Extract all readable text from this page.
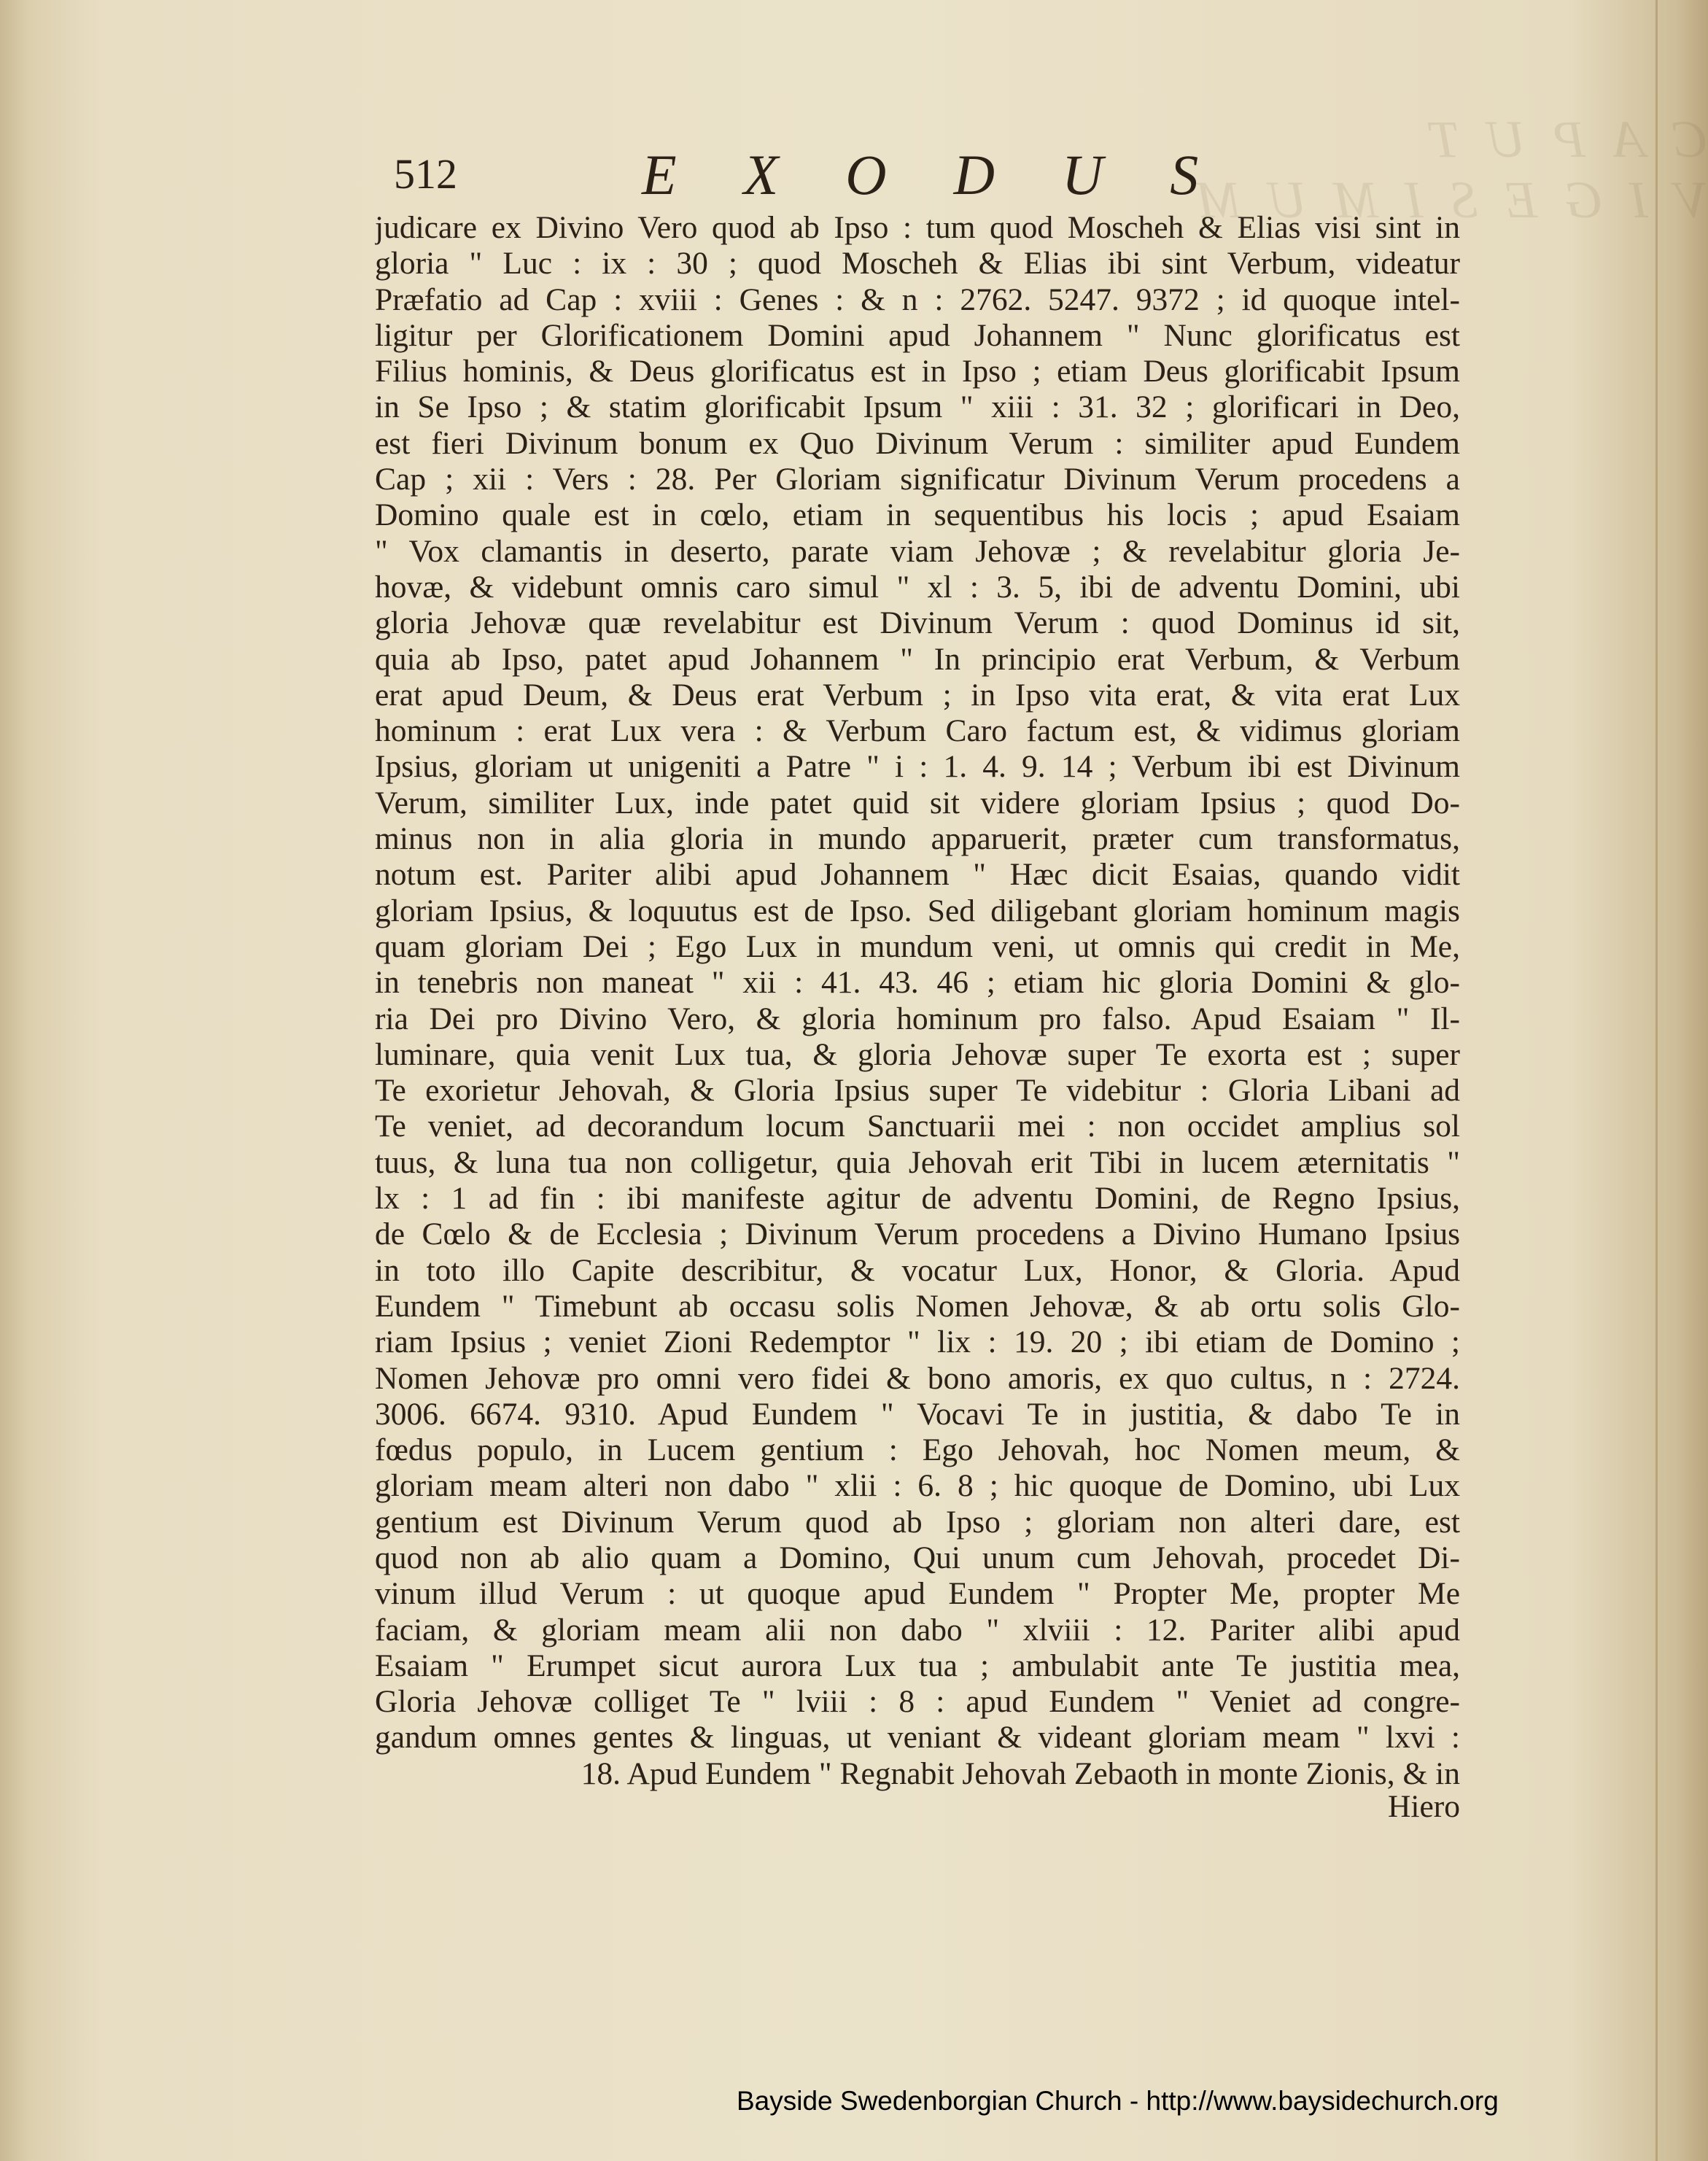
CAPUT VIGESIMUM
512	EXODUS
judicare ex Divino Vero quod ab Ipso : tum quod Moscheh & Elias visi sint in
gloria " Luc : ix : 30 ; quod Moscheh & Elias ibi sint Verbum, videatur
Præfatio ad Cap : xviii : Genes : & n : 2762. 5247. 9372 ; id quoque intel-
ligitur per Glorificationem Domini apud Johannem " Nunc glorificatus est
Filius hominis, & Deus glorificatus est in Ipso ; etiam Deus glorificabit Ipsum
in Se Ipso ; & statim glorificabit Ipsum " xiii : 31. 32 ; glorificari in Deo,
est fieri Divinum bonum ex Quo Divinum Verum : similiter apud Eundem
Cap ; xii : Vers : 28. Per Gloriam significatur Divinum Verum procedens a
Domino quale est in cœlo, etiam in sequentibus his locis ; apud Esaiam
" Vox clamantis in deserto, parate viam Jehovæ ; & revelabitur gloria Je-
hovæ, & videbunt omnis caro simul " xl : 3. 5, ibi de adventu Domini, ubi
gloria Jehovæ quæ revelabitur est Divinum Verum : quod Dominus id sit,
quia ab Ipso, patet apud Johannem " In principio erat Verbum, & Verbum
erat apud Deum, & Deus erat Verbum ; in Ipso vita erat, & vita erat Lux
hominum : erat Lux vera : & Verbum Caro factum est, & vidimus gloriam
Ipsius, gloriam ut unigeniti a Patre " i : 1. 4. 9. 14 ; Verbum ibi est Divinum
Verum, similiter Lux, inde patet quid sit videre gloriam Ipsius ; quod Do-
minus non in alia gloria in mundo apparuerit, præter cum transformatus,
notum est. Pariter alibi apud Johannem " Hæc dicit Esaias, quando vidit
gloriam Ipsius, & loquutus est de Ipso. Sed diligebant gloriam hominum magis
quam gloriam Dei ; Ego Lux in mundum veni, ut omnis qui credit in Me,
in tenebris non maneat " xii : 41. 43. 46 ; etiam hic gloria Domini & glo-
ria Dei pro Divino Vero, & gloria hominum pro falso. Apud Esaiam " Il-
luminare, quia venit Lux tua, & gloria Jehovæ super Te exorta est ; super
Te exorietur Jehovah, & Gloria Ipsius super Te videbitur : Gloria Libani ad
Te veniet, ad decorandum locum Sanctuarii mei : non occidet amplius sol
tuus, & luna tua non colligetur, quia Jehovah erit Tibi in lucem æternitatis "
lx : 1 ad fin : ibi manifeste agitur de adventu Domini, de Regno Ipsius,
de Cœlo & de Ecclesia ; Divinum Verum procedens a Divino Humano Ipsius
in toto illo Capite describitur, & vocatur Lux, Honor, & Gloria. Apud
Eundem " Timebunt ab occasu solis Nomen Jehovæ, & ab ortu solis Glo-
riam Ipsius ; veniet Zioni Redemptor " lix : 19. 20 ; ibi etiam de Domino ;
Nomen Jehovæ pro omni vero fidei & bono amoris, ex quo cultus, n : 2724.
3006. 6674. 9310. Apud Eundem " Vocavi Te in justitia, & dabo Te in
fœdus populo, in Lucem gentium : Ego Jehovah, hoc Nomen meum, &
gloriam meam alteri non dabo " xlii : 6. 8 ; hic quoque de Domino, ubi Lux
gentium est Divinum Verum quod ab Ipso ; gloriam non alteri dare, est
quod non ab alio quam a Domino, Qui unum cum Jehovah, procedet Di-
vinum illud Verum : ut quoque apud Eundem " Propter Me, propter Me
faciam, & gloriam meam alii non dabo " xlviii : 12. Pariter alibi apud
Esaiam " Erumpet sicut aurora Lux tua ; ambulabit ante Te justitia mea,
Gloria Jehovæ colliget Te " lviii : 8 : apud Eundem " Veniet ad congre-
gandum omnes gentes & linguas, ut veniant & videant gloriam meam " lxvi :
18. Apud Eundem " Regnabit Jehovah Zebaoth in monte Zionis, & in
Hiero
Bayside Swedenborgian Church - http://www.baysidechurch.org
